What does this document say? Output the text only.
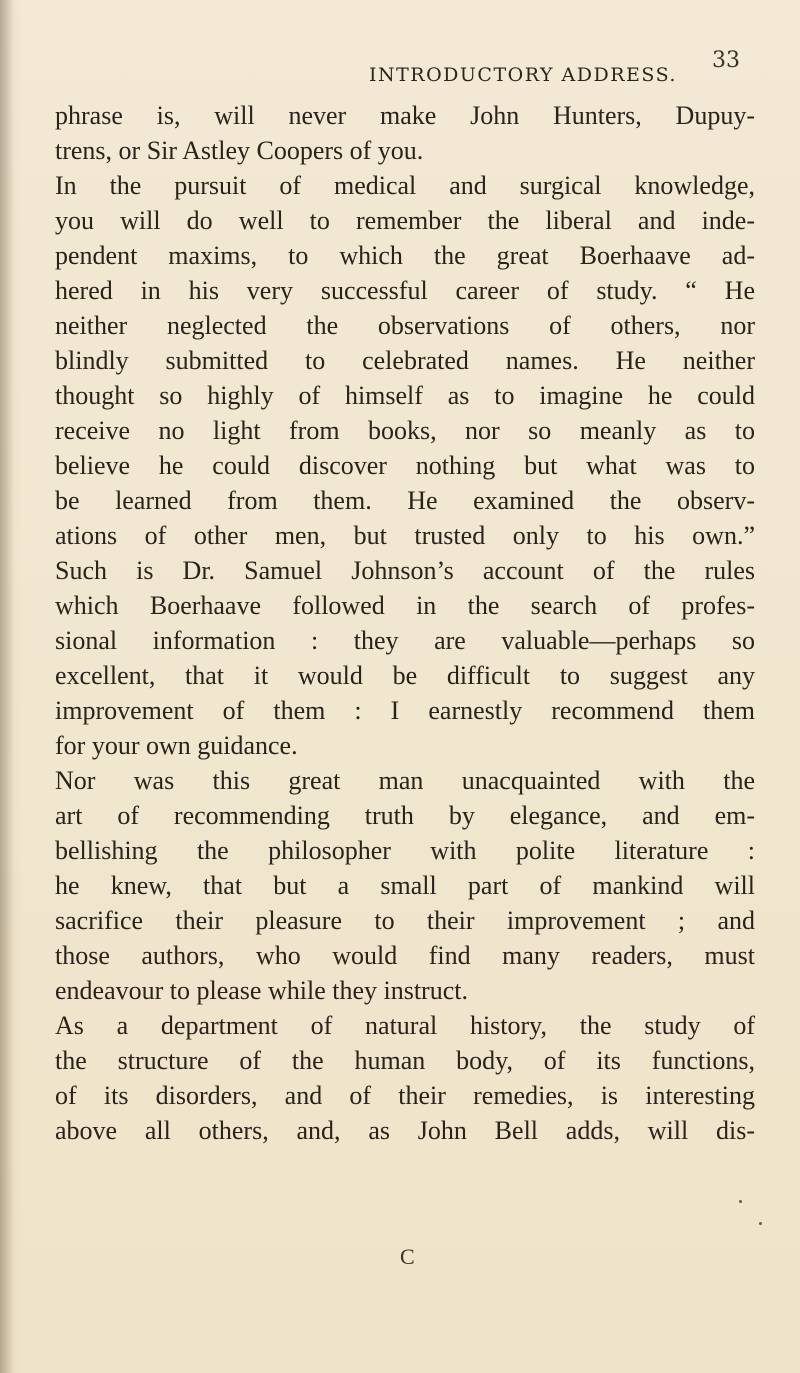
INTRODUCTORY ADDRESS.
33
phrase is, will never make John Hunters, Dupuy-
trens, or Sir Astley Coopers of you.
In the pursuit of medical and surgical knowledge,
you will do well to remember the liberal and inde-
pendent maxims, to which the great Boerhaave ad-
hered in his very successful career of study. “ He
neither neglected the observations of others, nor
blindly submitted to celebrated names. He neither
thought so highly of himself as to imagine he could
receive no light from books, nor so meanly as to
believe he could discover nothing but what was to
be learned from them. He examined the observ-
ations of other men, but trusted only to his own.”
Such is Dr. Samuel Johnson’s account of the rules
which Boerhaave followed in the search of profes-
sional information : they are valuable—perhaps so
excellent, that it would be difficult to suggest any
improvement of them : I earnestly recommend them
for your own guidance.
Nor was this great man unacquainted with the
art of recommending truth by elegance, and em-
bellishing the philosopher with polite literature :
he knew, that but a small part of mankind will
sacrifice their pleasure to their improvement ; and
those authors, who would find many readers, must
endeavour to please while they instruct.
As a department of natural history, the study of
the structure of the human body, of its functions,
of its disorders, and of their remedies, is interesting
above all others, and, as John Bell adds, will dis-
C
